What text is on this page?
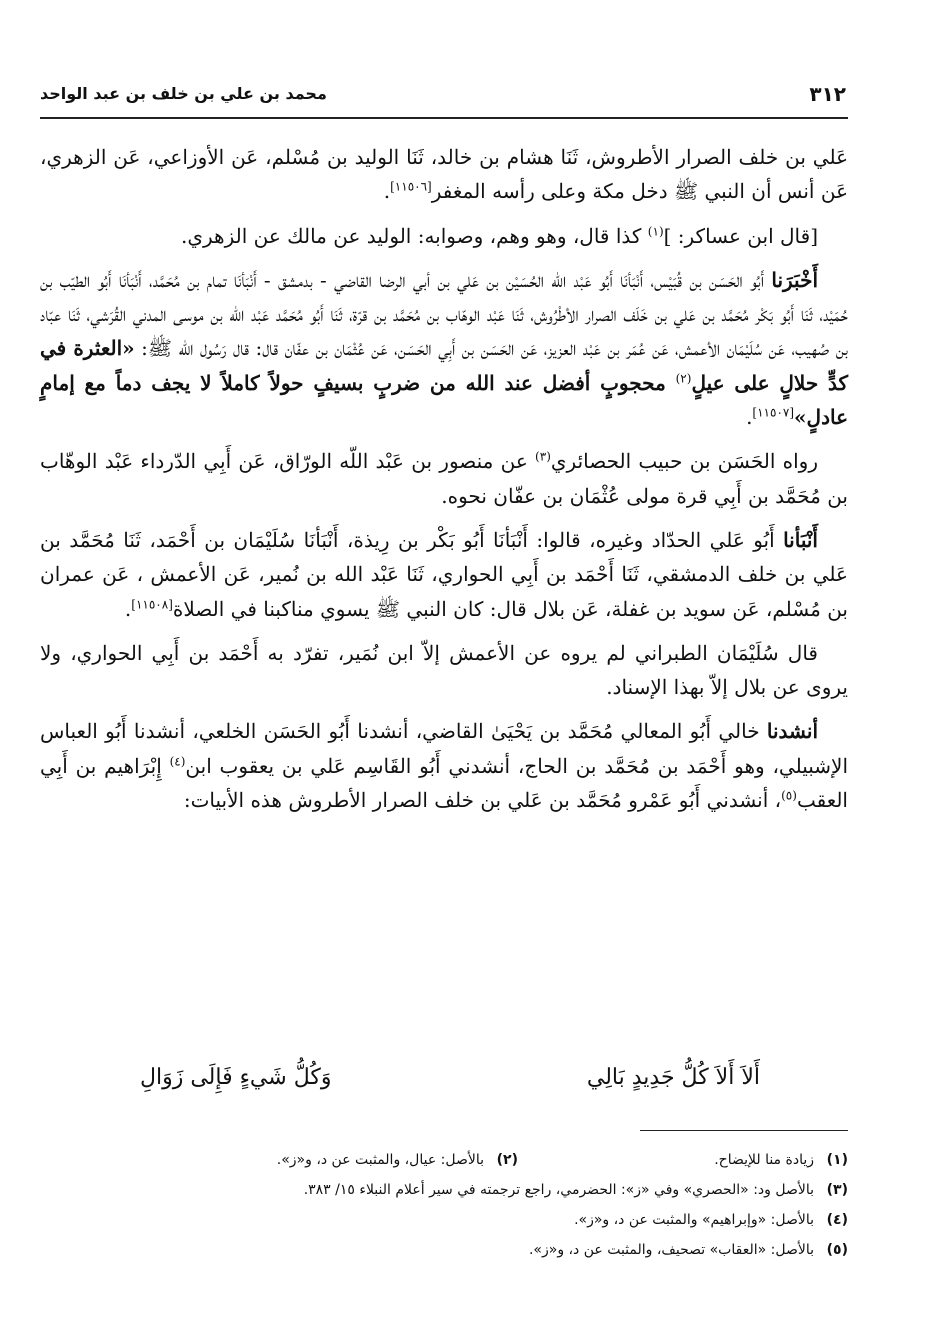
٣١٢
محمد بن علي بن خلف بن عبد الواحد

عَلي بن خلف الصرار الأطروش، ثَنَا هشام بن خالد، ثَنَا الوليد بن مُسْلم، عَن الأوزاعي، عَن الزهري، عَن أنس أن النبي ﷺ دخل مكة وعلى رأسه المغفر[١١٥٠٦].

[قال ابن عساكر: ]$^{(١)}$ كذا قال، وهو وهم، وصوابه: الوليد عن مالك عن الزهري.

أَخْبَرَنا أَبُو الحَسَن بن قُبَيْس، أَنْبَأنَا أَبُو عَبْد الله الحُسَيْن بن عَلي بن أبي الرضا القاضي - بدمشق - أَنْبَأنَا تمام بن مُحَمَّد، أَنْبَأنَا أَبُو الطيّب بن حُمَيْد، ثَنَا أَبُو بَكْر مُحَمَّد بن عَلي بن خَلَف الصرار الأطْرُوش، ثَنَا عَبْد الوهّاب بن مُحَمَّد بن قرّة، ثَنَا أَبُو مُحَمَّد عَبْد الله بن موسى المدني القُرَشي، ثَنَا عبّاد بن صُهيب، عَن سُلَيْمَان الأعمش، عَن عُمَر بن عَبْد العزيز، عَن الحَسَن بن أَبِي الحَسَن، عَن عُثْمَان بن عفّان قال: قال رَسُول الله ﷺ: «العثرة في كدٍّ حلالٍ على عيلٍ$^{(٢)}$ محجوبٍ أفضل عند الله من ضربٍ بسيفٍ حولاً كاملاً لا يجف دماً مع إمامٍ عادلٍ»[١١٥٠٧].

رواه الحَسَن بن حبيب الحصائري$^{(٣)}$ عن منصور بن عَبْد اللّه الورّاق، عَن أَبِي الدّرداء عَبْد الوهّاب بن مُحَمَّد بن أَبِي قرة مولى عُثْمَان بن عفّان نحوه.

أَنْبَأنا أَبُو عَلي الحدّاد وغيره، قالوا: أَنْبَأنَا أَبُو بَكْر بن رِيذة، أَنْبَأنَا سُلَيْمَان بن أَحْمَد، ثَنَا مُحَمَّد بن عَلي بن خلف الدمشقي، ثَنَا أَحْمَد بن أَبِي الحواري، ثَنَا عَبْد الله بن نُمير، عَن الأعمش ، عَن عمران بن مُسْلم، عَن سويد بن غفلة، عَن بلال قال: كان النبي ﷺ يسوي مناكبنا في الصلاة[١١٥٠٨].

قال سُلَيْمَان الطبراني لم يروه عن الأعمش إلاّ ابن نُمَير، تفرّد به أَحْمَد بن أَبِي الحواري، ولا يروى عن بلال إلاّ بهذا الإسناد.

أنشدنا خالي أَبُو المعالي مُحَمَّد بن يَحْيَىٰ القاضي، أنشدنا أَبُو الحَسَن الخلعي، أنشدنا أَبُو العباس الإشبيلي، وهو أَحْمَد بن مُحَمَّد بن الحاج، أنشدني أَبُو القَاسِم عَلي بن يعقوب ابن$^{(٤)}$ إِبْرَاهيم بن أَبِي العقب$^{(٥)}$، أنشدني أَبُو عَمْرو مُحَمَّد بن عَلي بن خلف الصرار الأطروش هذه الأبيات:

أَلاَ أَلاَ كُلُّ جَدِيدٍ بَالِي
وَكُلُّ شَيءٍ فَإِلَى زَوَالِ
(١)زيادة منا للإيضاح.
(٢)بالأصل: عيال، والمثبت عن د، و«ز».
(٣)بالأصل ود: «الحصري» وفي «ز»: الحضرمي، راجع ترجمته في سير أعلام النبلاء ١٥/ ٣٨٣.
(٤)بالأصل: «وإبراهيم» والمثبت عن د، و«ز».
(٥)بالأصل: «العقاب» تصحيف، والمثبت عن د، و«ز».
